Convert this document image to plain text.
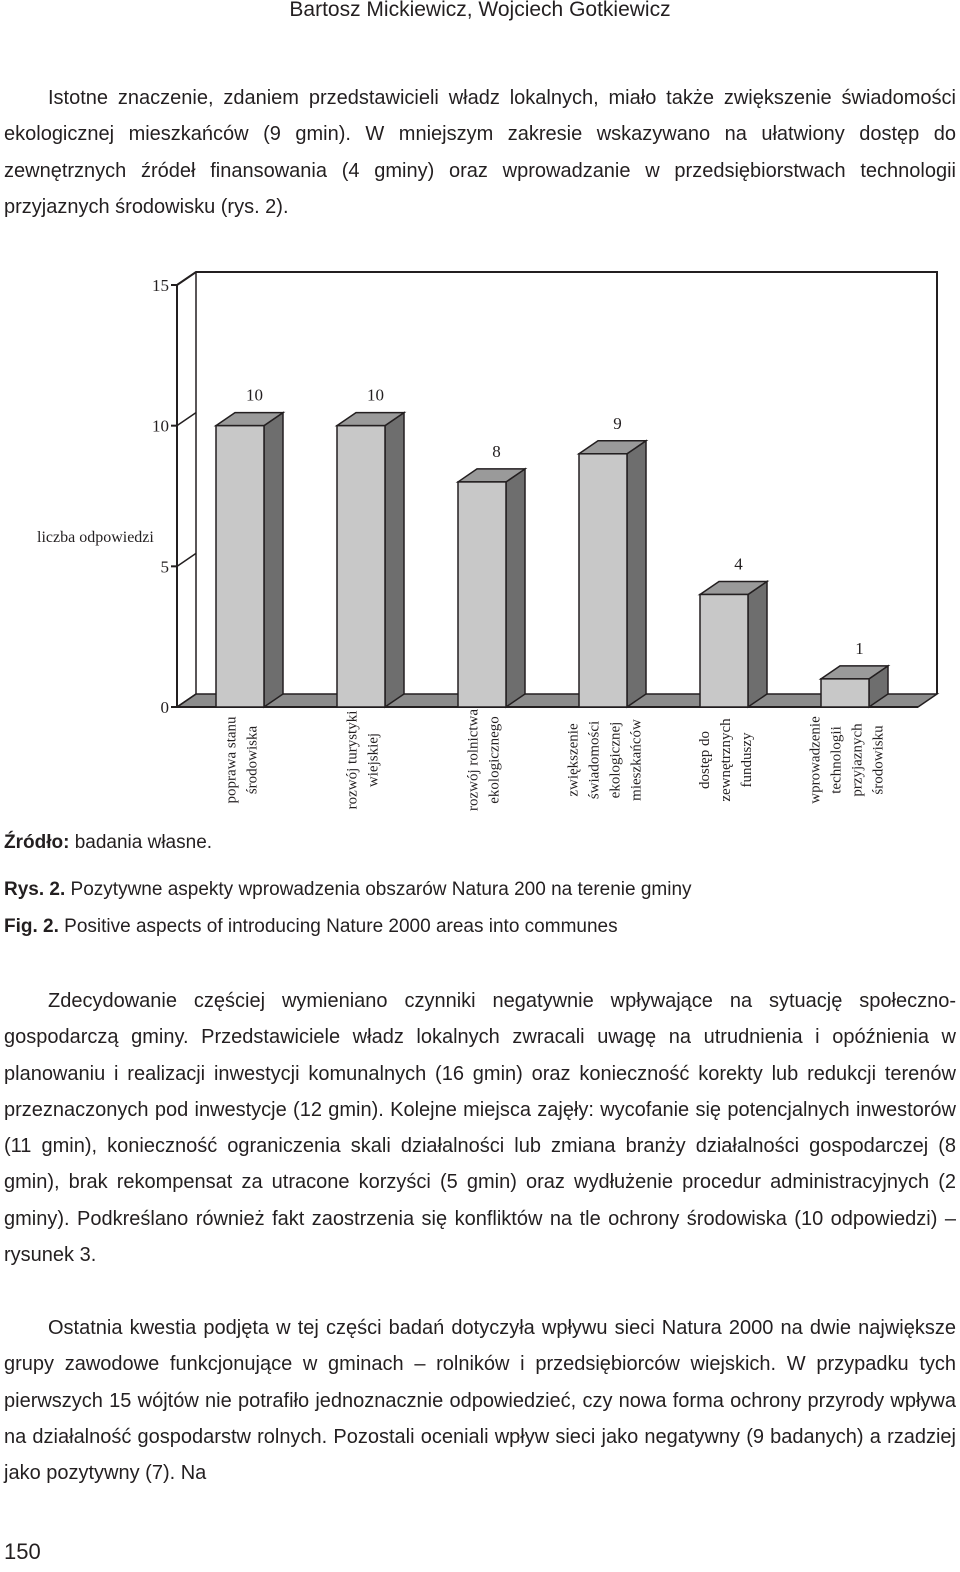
Bartosz Mickiewicz, Wojciech Gotkiewicz

Istotne znaczenie, zdaniem przedstawicieli władz lokalnych, miało także zwiększenie świadomości ekologicznej mieszkańców (9 gmin). W mniejszym zakresie wskazywano na ułatwiony dostęp do zewnętrznych źródeł finansowania (4 gminy) oraz wprowadzanie w przedsiębiorstwach technologii przyjaznych środowisku (rys. 2).

0
5
10
15
liczba odpowiedzi
10
poprawa stanu środowiska
10
rozwój turystyki wiejskiej
8
rozwój rolnictwa ekologicznego
9
zwiększenie świadomości ekologicznej mieszkańców
4
dostęp do zewnętrznych funduszy
1
wprowadzenie technologii przyjaznych środowisku
Źródło: badania własne.
Rys. 2. Pozytywne aspekty wprowadzenia obszarów Natura 200 na terenie gminy
Fig. 2. Positive aspects of introducing Nature 2000 areas into communes

Zdecydowanie częściej wymieniano czynniki negatywnie wpływające na sytuację społeczno-gospodarczą gminy. Przedstawiciele władz lokalnych zwracali uwagę na utrudnienia i opóźnienia w planowaniu i realizacji inwestycji komunalnych (16 gmin) oraz konieczność korekty lub redukcji terenów przeznaczonych pod inwestycje (12 gmin). Kolejne miejsca zajęły: wycofanie się potencjalnych inwestorów (11 gmin), konieczność ograniczenia skali działalności lub zmiana branży działalności gospodarczej (8 gmin), brak rekompensat za utracone korzyści (5 gmin) oraz wydłużenie procedur administracyjnych (2 gminy). Podkreślano również fakt zaostrzenia się konfliktów na tle ochrony środowiska (10 odpowiedzi) – rysunek 3.

Ostatnia kwestia podjęta w tej części badań dotyczyła wpływu sieci Natura 2000 na dwie największe grupy zawodowe funkcjonujące w gminach – rolników i przedsiębiorców wiejskich. W przypadku tych pierwszych 15 wójtów nie potrafiło jednoznacznie odpowiedzieć, czy nowa forma ochrony przyrody wpływa na działalność gospodarstw rolnych. Pozostali oceniali wpływ sieci jako negatywny (9 badanych) a rzadziej jako pozytywny (7). Na

150
